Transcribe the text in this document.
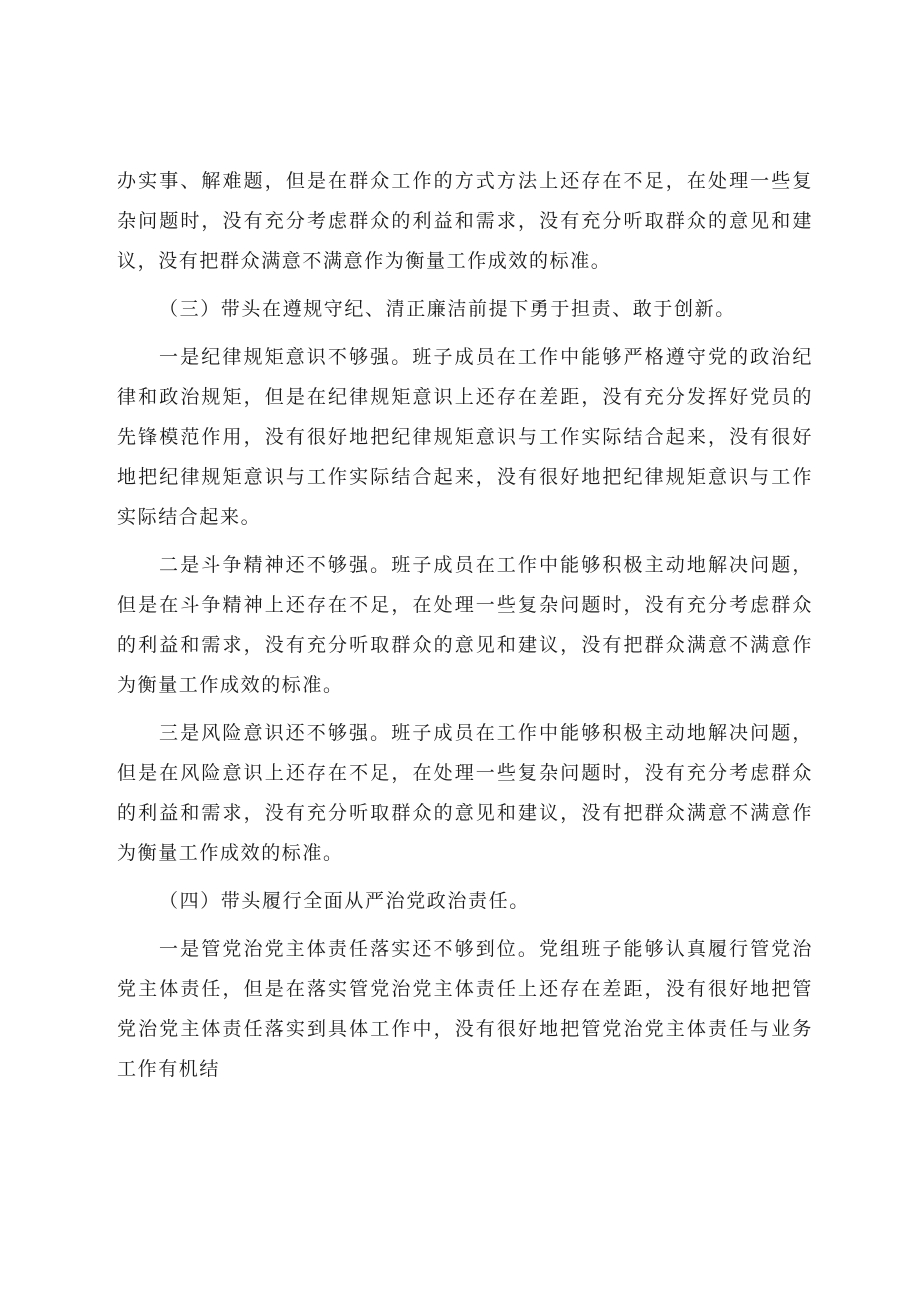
办实事、解难题，但是在群众工作的方式方法上还存在不足，在处理一些复杂问题时，没有充分考虑群众的利益和需求，没有充分听取群众的意见和建议，没有把群众满意不满意作为衡量工作成效的标准。

（三）带头在遵规守纪、清正廉洁前提下勇于担责、敢于创新。

一是纪律规矩意识不够强。班子成员在工作中能够严格遵守党的政治纪律和政治规矩，但是在纪律规矩意识上还存在差距，没有充分发挥好党员的先锋模范作用，没有很好地把纪律规矩意识与工作实际结合起来，没有很好地把纪律规矩意识与工作实际结合起来，没有很好地把纪律规矩意识与工作实际结合起来。

二是斗争精神还不够强。班子成员在工作中能够积极主动地解决问题，但是在斗争精神上还存在不足，在处理一些复杂问题时，没有充分考虑群众的利益和需求，没有充分听取群众的意见和建议，没有把群众满意不满意作为衡量工作成效的标准。

三是风险意识还不够强。班子成员在工作中能够积极主动地解决问题，但是在风险意识上还存在不足，在处理一些复杂问题时，没有充分考虑群众的利益和需求，没有充分听取群众的意见和建议，没有把群众满意不满意作为衡量工作成效的标准。

（四）带头履行全面从严治党政治责任。

一是管党治党主体责任落实还不够到位。党组班子能够认真履行管党治党主体责任，但是在落实管党治党主体责任上还存在差距，没有很好地把管党治党主体责任落实到具体工作中，没有很好地把管党治党主体责任与业务工作有机结
